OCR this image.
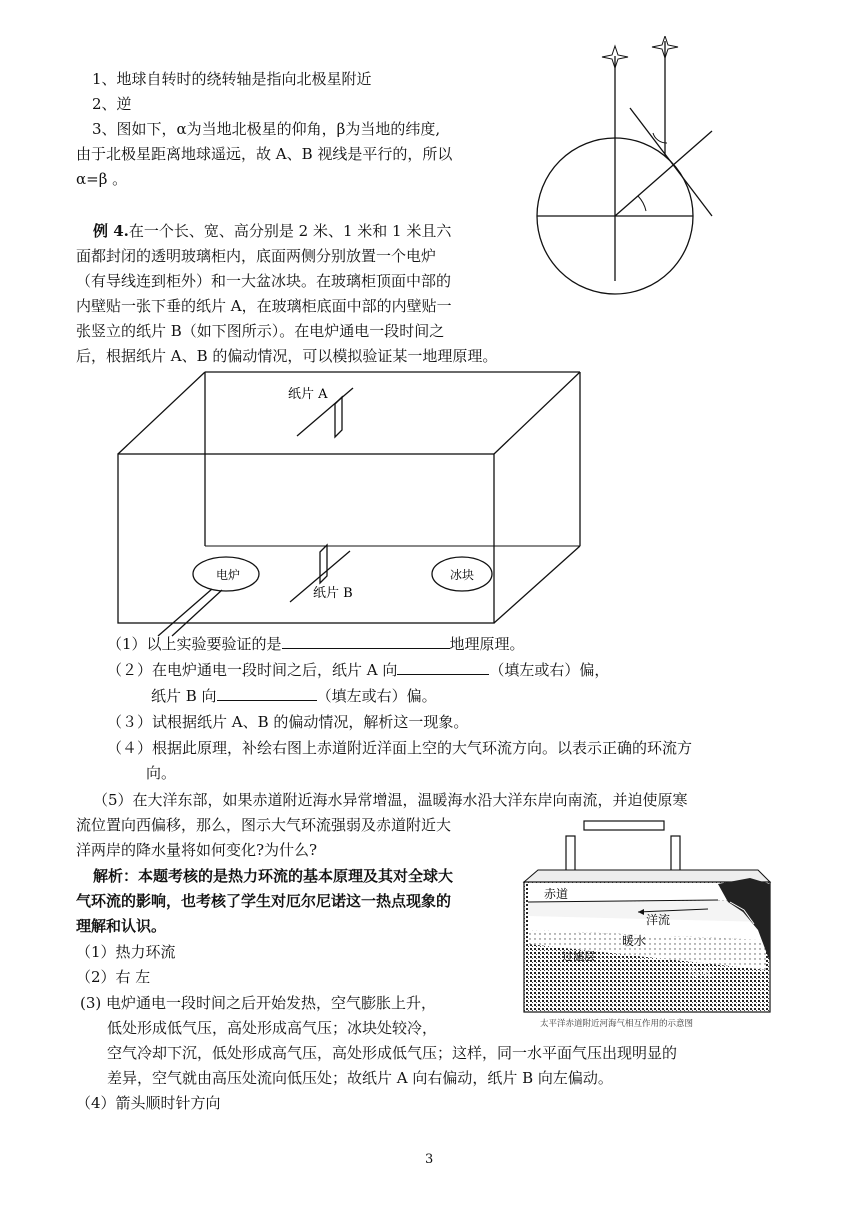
1、地球自转时的绕转轴是指向北极星附近
2、逆
3、图如下，α为当地北极星的仰角，β为当地的纬度,
由于北极星距离地球遥远，故 A、B 视线是平行的，所以
α=β 。
例 4.在一个长、宽、高分别是 2 米、1 米和 1 米且六
面都封闭的透明玻璃柜内，底面两侧分别放置一个电炉
（有导线连到柜外）和一大盆冰块。在玻璃柜顶面中部的
内壁贴一张下垂的纸片 A，在玻璃柜底面中部的内壁贴一
张竖立的纸片 B（如下图所示）。在电炉通电一段时间之
后，根据纸片 A、B 的偏动情况，可以模拟验证某一地理原理。
纸片 A
纸片 B
电炉	冰块
（1）以上实验要验证的是	地理原理。
（２）在电炉通电一段时间之后，纸片 A 向	（填左或右）偏，
纸片 B 向	（填左或右）偏。
（３）试根据纸片 A、B 的偏动情况，解析这一现象。
（４）根据此原理，补绘右图上赤道附近洋面上空的大气环流方向。以表示正确的环流方
向。
（5）在大洋东部，如果赤道附近海水异常增温，温暖海水沿大洋东岸向南流，并迫使原寒
流位置向西偏移，那么，图示大气环流强弱及赤道附近大
洋两岸的降水量将如何变化?为什么?
解析：本题考核的是热力环流的基本原理及其对全球大
气环流的影响，也考核了学生对厄尔尼诺这一热点现象的
理解和认识。
（1）热力环流
（2）右 左
(3) 电炉通电一段时间之后开始发热，空气膨胀上升，
低处形成低气压，高处形成高气压；冰块处较冷，
空气冷却下沉，低处形成高气压，高处形成低气压；这样，同一水平面气压出现明显的
差异，空气就由高压处流向低压处；故纸片 A 向右偏动，纸片 B 向左偏动。
（4）箭头顺时针方向
赤道
洋流
暖水
过滤层
冷水
太平洋赤道附近河海气相互作用的示意图
3
